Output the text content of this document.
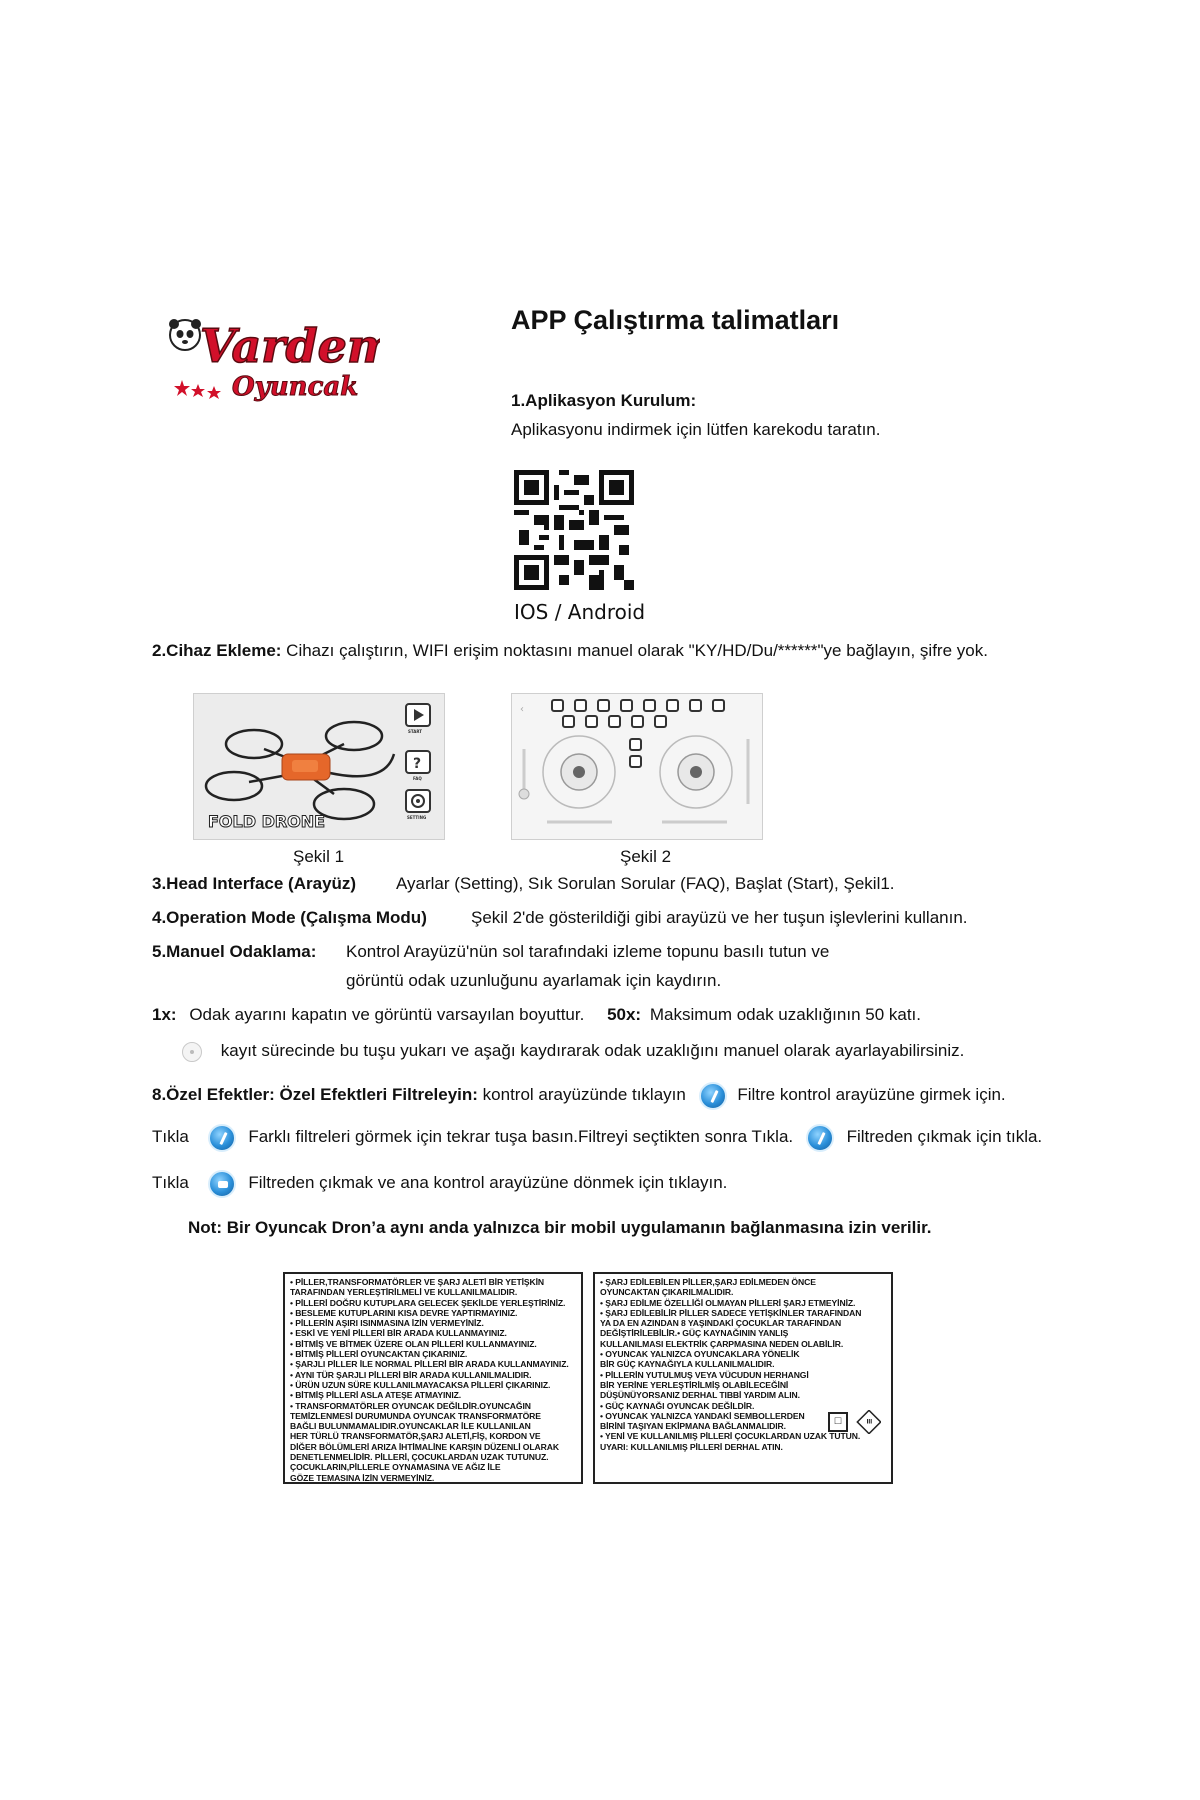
Vardem
Oyuncak
APP Çalıştırma talimatları
1.Aplikasyon Kurulum:
Aplikasyonu indirmek için lütfen karekodu taratın.
IOS / Android
2.Cihaz Ekleme: Cihazı çalıştırın, WIFI erişim noktasını manuel olarak "KY/HD/Du/******"ye bağlayın, şifre yok.
?
START
FAQ
SETTING
FOLD DRONE
Şekil 1
‹
Şekil 2
3.Head Interface (Arayüz) Ayarlar (Setting), Sık Sorulan Sorular (FAQ), Başlat (Start), Şekil1.
4.Operation Mode (Çalışma Modu)	Şekil 2'de gösterildiği gibi arayüzü ve her tuşun işlevlerini kullanın.
5.Manuel Odaklama: Kontrol Arayüzü'nün sol tarafındaki izleme topunu basılı tutun ve
görüntü odak uzunluğunu ayarlamak için kaydırın.
1x: Odak ayarını kapatın ve görüntü varsayılan boyuttur. 50x: Maksimum odak uzaklığının 50 katı.
kayıt sürecinde bu tuşu yukarı ve aşağı kaydırarak odak uzaklığını manuel olarak ayarlayabilirsiniz.
8.Özel Efektler: Özel Efektleri Filtreleyin: kontrol arayüzünde tıklayın	Filtre kontrol arayüzüne girmek için.
Tıkla	Farklı filtreleri görmek için tekrar tuşa basın.Filtreyi seçtikten sonra Tıkla.	Filtreden çıkmak için tıkla.
Tıkla	Filtreden çıkmak ve ana kontrol arayüzüne dönmek için tıklayın.
Not: Bir Oyuncak Dron’a aynı anda yalnızca bir mobil uygulamanın bağlanmasına izin verilir.
• PİLLER,TRANSFORMATÖRLER VE ŞARJ ALETİ BİR YETİŞKİN
TARAFINDAN YERLEŞTİRİLMELİ VE KULLANILMALIDIR.
• PİLLERİ DOĞRU KUTUPLARA GELECEK ŞEKİLDE YERLEŞTİRİNİZ.
• BESLEME KUTUPLARINI KISA DEVRE YAPTIRMAYINIZ.
• PİLLERİN AŞIRI ISINMASINA İZİN VERMEYİNİZ.
• ESKİ VE YENİ PİLLERİ BİR ARADA KULLANMAYINIZ.
• BİTMİŞ VE BİTMEK ÜZERE OLAN PİLLERİ KULLANMAYINIZ.
• BİTMİŞ PİLLERİ OYUNCAKTAN ÇIKARINIZ.
• ŞARJLI PİLLER İLE NORMAL PİLLERİ BİR ARADA KULLANMAYINIZ.
• AYNI TÜR ŞARJLI PİLLERİ BİR ARADA KULLANILMALIDIR.
• ÜRÜN UZUN SÜRE KULLANILMAYACAKSA PİLLERİ ÇIKARINIZ.
• BİTMİŞ PİLLERİ ASLA ATEŞE ATMAYINIZ.
• TRANSFORMATÖRLER OYUNCAK DEĞİLDİR.OYUNCAĞIN
TEMİZLENMESİ DURUMUNDA OYUNCAK TRANSFORMATÖRE
BAĞLI BULUNMAMALIDIR.OYUNCAKLAR İLE KULLANILAN
HER TÜRLÜ TRANSFORMATÖR,ŞARJ ALETİ,FİŞ, KORDON VE
DİĞER BÖLÜMLERİ ARIZA İHTİMALİNE KARŞIN DÜZENLİ OLARAK
DENETLENMELİDİR. PİLLERİ, ÇOCUKLARDAN UZAK TUTUNUZ.
ÇOCUKLARIN,PİLLERLE OYNAMASINA VE AĞIZ İLE
GÖZE TEMASINA İZİN VERMEYİNİZ.
• ŞARJ EDİLEBİLEN PİLLER,ŞARJ EDİLMEDEN ÖNCE
OYUNCAKTAN ÇIKARILMALIDIR.
• ŞARJ EDİLME ÖZELLİĞİ OLMAYAN PİLLERİ ŞARJ ETMEYİNİZ.
• ŞARJ EDİLEBİLİR PİLLER SADECE YETİŞKİNLER TARAFINDAN
YA DA EN AZINDAN 8 YAŞINDAKİ ÇOCUKLAR TARAFINDAN
DEĞİŞTİRİLEBİLİR.• GÜÇ KAYNAĞININ YANLIŞ
KULLANILMASI ELEKTRİK ÇARPMASINA NEDEN OLABİLİR.
• OYUNCAK YALNIZCA OYUNCAKLARA YÖNELİK
BİR GÜÇ KAYNAĞIYLA KULLANILMALIDIR.
• PİLLERİN YUTULMUŞ VEYA VÜCUDUN HERHANGİ
BİR YERİNE YERLEŞTİRİLMİŞ OLABİLECEĞİNİ
DÜŞÜNÜYORSANIZ DERHAL TIBBİ YARDIM ALIN.
• GÜÇ KAYNAĞI OYUNCAK DEĞİLDİR.
• OYUNCAK YALNIZCA YANDAKİ SEMBOLLERDEN
BİRİNİ TAŞIYAN EKİPMANA BAĞLANMALIDIR.
• YENİ VE KULLANILMIŞ PİLLERİ ÇOCUKLARDAN UZAK TUTUN.
UYARI: KULLANILMIŞ PİLLERİ DERHAL ATIN.
□	III
